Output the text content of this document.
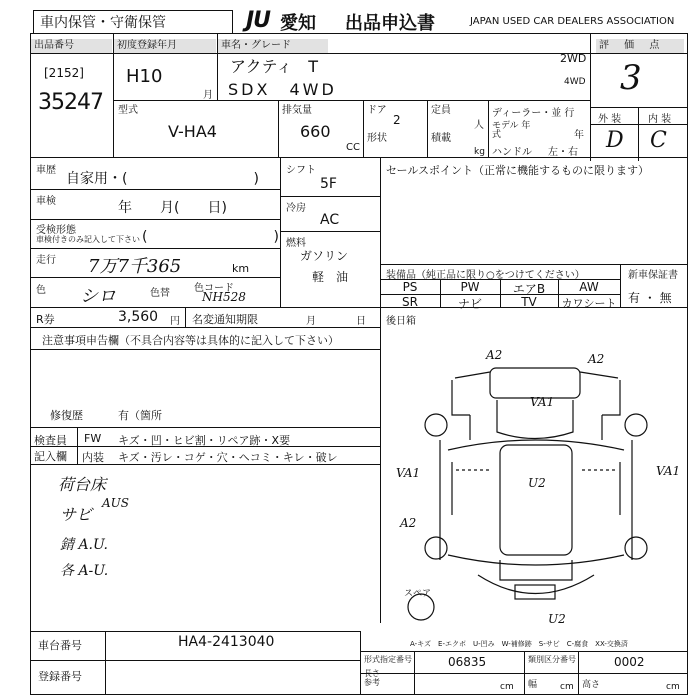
車内保管・守衛保管	JU 愛知 出品申込書	JAPAN USED CAR DEALERS ASSOCIATION
出品番号
[2152]
35247
初度登録年月
H10
月
車名・グレード
アクティ　T
SDX　4WD
2WD
4WD
評 価 点
3
外 装	内 装
D C
型式
V-HA4
排気量
660
CC
ドア
2
形状
定員
人
積載
kg
ディーラー・並 行
モデル 年 式	年
ハンドル 左・右
車歴
自家用・(　　　　　　　　　)
車検	年　　月(　　日)
受検形態
車検付きのみ記入して下さい (　　　　　　　　　)
走行 7万7千365	km
色 シロ	色替 色コード
NH528
シフト
5F
冷房
AC
燃料
ガソリン
軽　油
セールスポイント（正常に機能するものに限ります）
装備品（純正品に限り○をつけてください）	新車保証書
有 ・ 無
PS	PW	エアB	AW
SR	ナビ	TV	カワシート
R券	3,560 円 名変通知期限	月	日 後日箱
注意事項申告欄（不具合内容等は具体的に記入して下さい）
修復歴	有（箇所
検査員
記入欄
FW キズ・凹・ヒビ割・リペア跡・X要
内装 キズ・汚レ・コゲ・穴・ヘコミ・キレ・破レ
荷台床
サビ
AUS
錆 A.U.
各 A-U.
A2	A2
VA1
VA1
U2
A2
VA1
U2
スペア
A-キズ　E-エクボ　U-凹み　W-補修跡　S-サビ　C-腐食　XX-交換済
車台番号	HA4-2413040
登録番号
形式指定番号	06835	類別区分番号	0002
長さ
参考	cm 幅	cm 高さ	cm
